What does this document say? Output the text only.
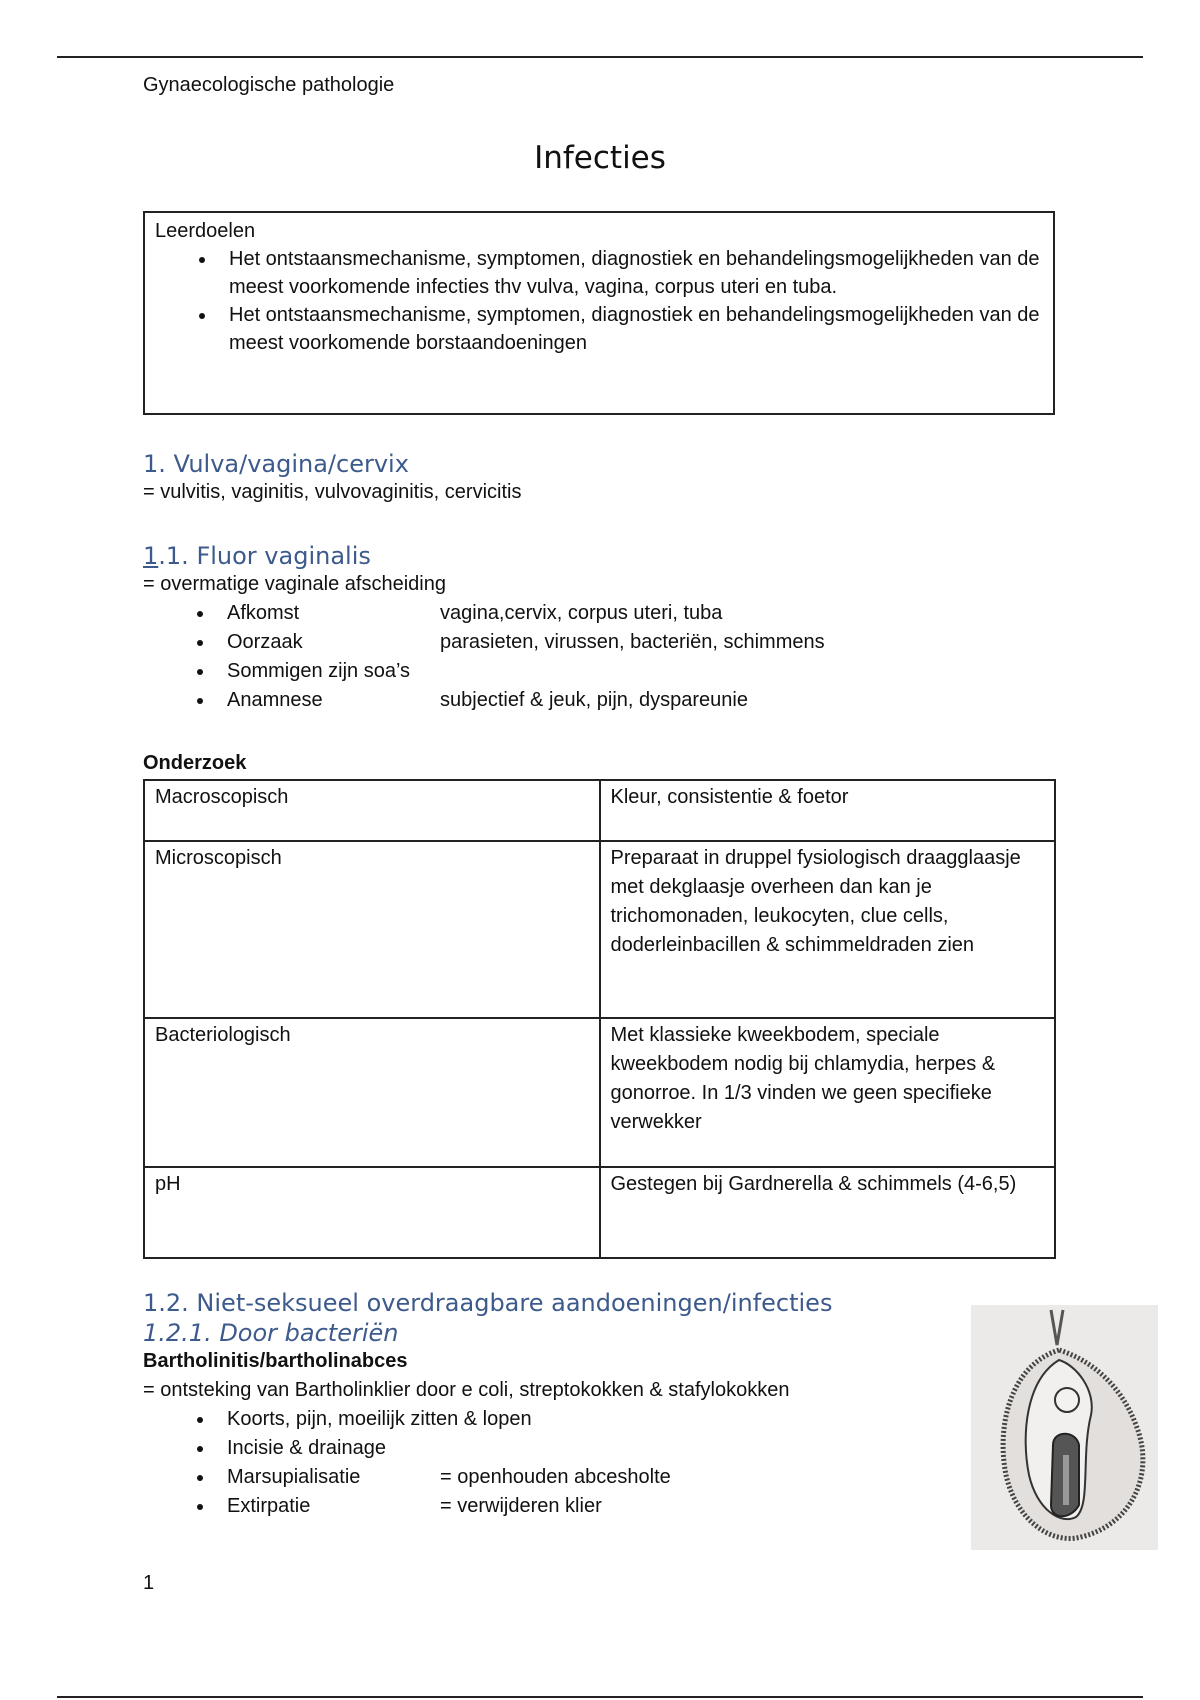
Gynaecologische pathologie
Infecties
Leerdoelen
• Het ontstaansmechanisme, symptomen, diagnostiek en behandelingsmogelijkheden van de meest voorkomende infecties thv vulva, vagina, corpus uteri en tuba.
• Het ontstaansmechanisme, symptomen, diagnostiek en behandelingsmogelijkheden van de meest voorkomende borstaandoeningen
1. Vulva/vagina/cervix
= vulvitis, vaginitis, vulvovaginitis, cervicitis
1.1. Fluor vaginalis
= overmatige vaginale afscheiding
• Afkomst	vagina,cervix, corpus uteri, tuba
• Oorzaak	parasieten, virussen, bacteriën, schimmens
• Sommigen zijn soa’s
• Anamnese	subjectief & jeuk, pijn, dyspareunie
Onderzoek
Macroscopisch	Kleur, consistentie & foetor
Microscopisch	Preparaat in druppel fysiologisch draagglaasje met dekglaasje overheen dan kan je trichomonaden, leukocyten, clue cells, doderleinbacillen & schimmeldraden zien
Bacteriologisch	Met klassieke kweekbodem, speciale kweekbodem nodig bij chlamydia, herpes & gonorroe. In 1/3 vinden we geen specifieke verwekker
pH	Gestegen bij Gardnerella & schimmels (4-6,5)
1.2. Niet-seksueel overdraagbare aandoeningen/infecties
1.2.1. Door bacteriën
Bartholinitis/bartholinabces
= ontsteking van Bartholinklier door e coli, streptokokken & stafylokokken
• Koorts, pijn, moeilijk zitten & lopen
• Incisie & drainage
• Marsupialisatie	= openhouden abcesholte
• Extirpatie	= verwijderen klier
1
